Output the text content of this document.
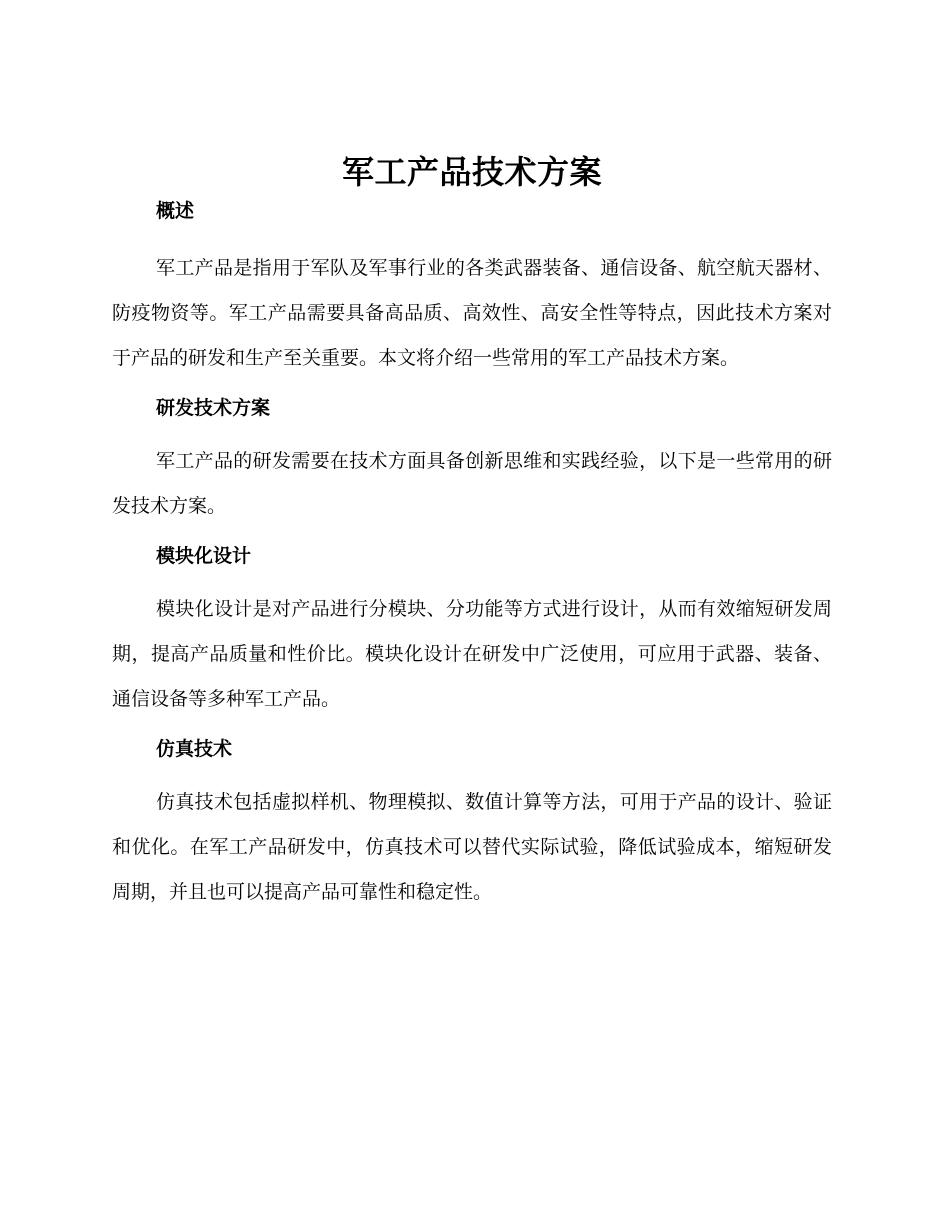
军工产品技术方案
概述

军工产品是指用于军队及军事行业的各类武器装备、通信设备、航空航天器材、防疫物资等。军工产品需要具备高品质、高效性、高安全性等特点，因此技术方案对于产品的研发和生产至关重要。本文将介绍一些常用的军工产品技术方案。

研发技术方案

军工产品的研发需要在技术方面具备创新思维和实践经验，以下是一些常用的研发技术方案。

模块化设计

模块化设计是对产品进行分模块、分功能等方式进行设计，从而有效缩短研发周期，提高产品质量和性价比。模块化设计在研发中广泛使用，可应用于武器、装备、通信设备等多种军工产品。

仿真技术

仿真技术包括虚拟样机、物理模拟、数值计算等方法，可用于产品的设计、验证和优化。在军工产品研发中，仿真技术可以替代实际试验，降低试验成本，缩短研发周期，并且也可以提高产品可靠性和稳定性。
